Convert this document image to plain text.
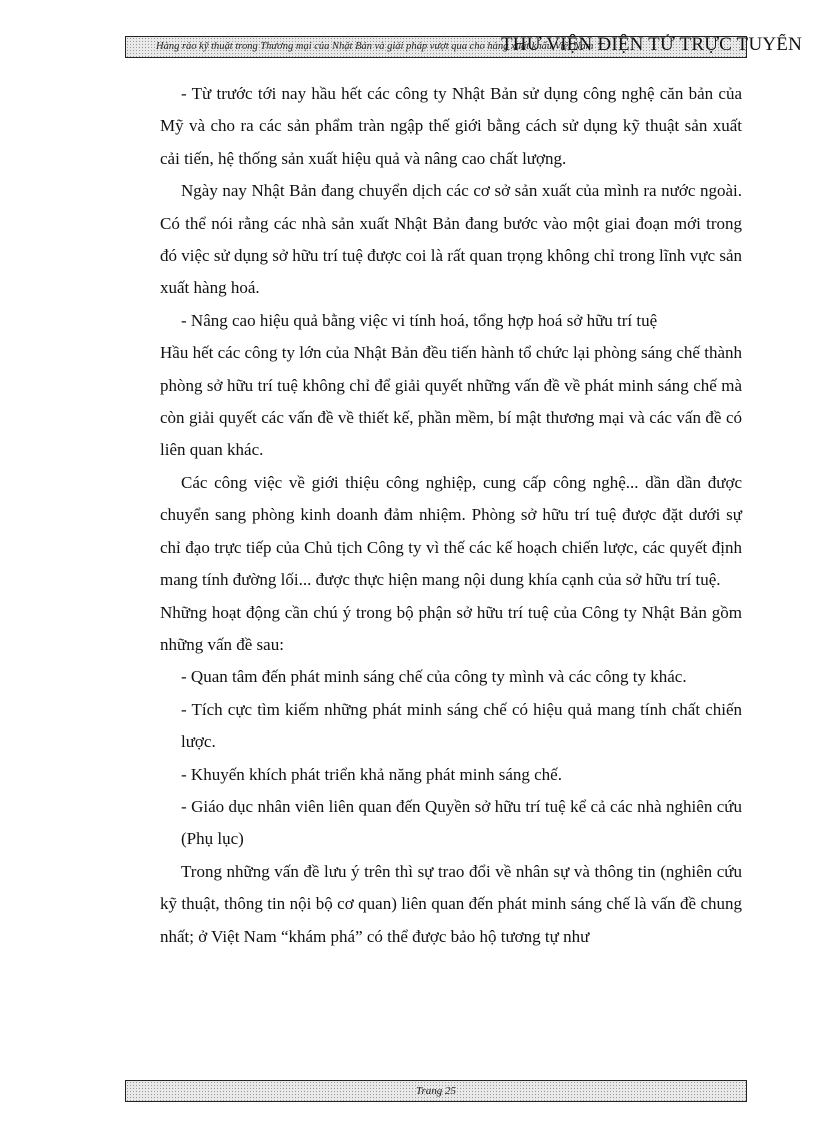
Hàng rào kỹ thuật trong Thương mại của Nhật Bản và giải pháp vượt qua cho hàng xuất khẩu Việt Nam
THƯ VIỆN ĐIỆN TỬ TRỰC TUYẾN

- Từ trước tới nay hầu hết các công ty Nhật Bản sử dụng công nghệ căn bản của Mỹ và cho ra các sản phẩm tràn ngập thế giới bằng cách sử dụng kỹ thuật sản xuất cải tiến, hệ thống sản xuất hiệu quả và nâng cao chất lượng.

Ngày nay Nhật Bản đang chuyển dịch các cơ sở sản xuất của mình ra nước ngoài. Có thể nói rằng các nhà sản xuất Nhật Bản đang bước vào một giai đoạn mới trong đó việc sử dụng sở hữu trí tuệ được coi là rất quan trọng không chỉ trong lĩnh vực sản xuất hàng hoá.

- Nâng cao hiệu quả bằng việc vi tính hoá, tổng hợp hoá sở hữu trí tuệ

Hầu hết các công ty lớn của Nhật Bản đều tiến hành tổ chức lại phòng sáng chế thành phòng sở hữu trí tuệ không chỉ để giải quyết những vấn đề về phát minh sáng chế mà còn giải quyết các vấn đề về thiết kế, phần mềm, bí mật thương mại và các vấn đề có liên quan khác.

Các công việc về giới thiệu công nghiệp, cung cấp công nghệ... dần dần được chuyển sang phòng kinh doanh đảm nhiệm. Phòng sở hữu trí tuệ được đặt dưới sự chỉ đạo trực tiếp của Chủ tịch Công ty vì thế các kế hoạch chiến lược, các quyết định mang tính đường lối... được thực hiện mang nội dung khía cạnh của sở hữu trí tuệ.

Những hoạt động cần chú ý trong bộ phận sở hữu trí tuệ của Công ty Nhật Bản gồm những vấn đề sau:

- Quan tâm đến phát minh sáng chế của công ty mình và các công ty khác.

- Tích cực tìm kiếm những phát minh sáng chế có hiệu quả mang tính chất chiến lược.

- Khuyến khích phát triển khả năng phát minh sáng chế.

- Giáo dục nhân viên liên quan đến Quyền sở hữu trí tuệ kể cả các nhà nghiên cứu (Phụ lục)

Trong những vấn đề lưu ý trên thì sự trao đổi về nhân sự và thông tin (nghiên cứu kỹ thuật, thông tin nội bộ cơ quan) liên quan đến phát minh sáng chế là vấn đề chung nhất; ở Việt Nam “khám phá” có thể được bảo hộ tương tự như

Trang 25
